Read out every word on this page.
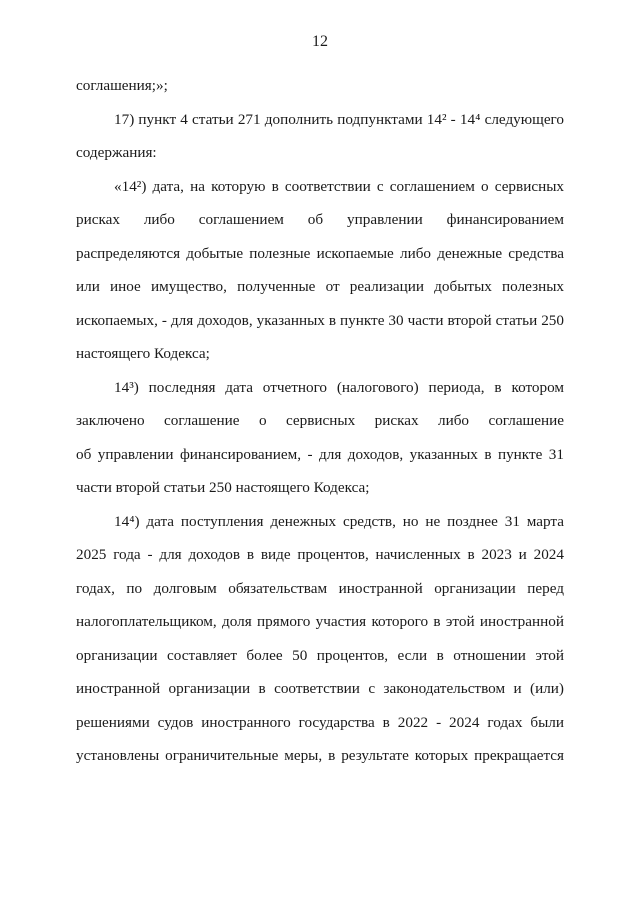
12
соглашения;»;
17) пункт 4 статьи 271 дополнить подпунктами 14² - 14⁴ следующего
содержания:
«14²) дата, на которую в соответствии с соглашением о сервисных
рисках либо соглашением об управлении финансированием
распределяются добытые полезные ископаемые либо денежные средства
или иное имущество, полученные от реализации добытых полезных
ископаемых, - для доходов, указанных в пункте 30 части второй статьи 250
настоящего Кодекса;
14³) последняя дата отчетного (налогового) периода, в котором
заключено соглашение о сервисных рисках либо соглашение
об управлении финансированием, - для доходов, указанных в пункте 31
части второй статьи 250 настоящего Кодекса;
14⁴) дата поступления денежных средств, но не позднее 31 марта
2025 года - для доходов в виде процентов, начисленных в 2023 и 2024
годах, по долговым обязательствам иностранной организации перед
налогоплательщиком, доля прямого участия которого в этой иностранной
организации составляет более 50 процентов, если в отношении этой
иностранной организации в соответствии с законодательством и (или)
решениями судов иностранного государства в 2022 - 2024 годах были
установлены ограничительные меры, в результате которых прекращается
